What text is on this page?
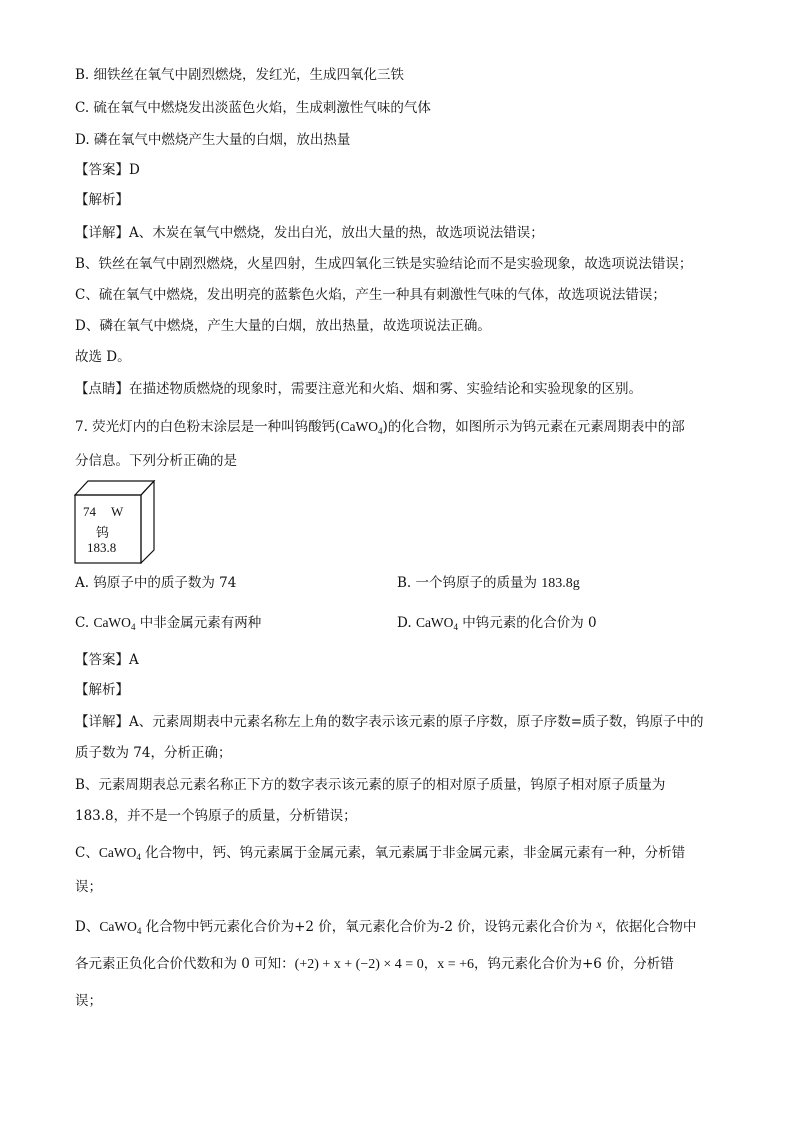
B. 细铁丝在氧气中剧烈燃烧，发红光，生成四氧化三铁
C. 硫在氧气中燃烧发出淡蓝色火焰，生成刺激性气味的气体
D. 磷在氧气中燃烧产生大量的白烟，放出热量
【答案】D
【解析】
【详解】A、木炭在氧气中燃烧，发出白光，放出大量的热，故选项说法错误；
B、铁丝在氧气中剧烈燃烧，火星四射，生成四氧化三铁是实验结论而不是实验现象，故选项说法错误；
C、硫在氧气中燃烧，发出明亮的蓝紫色火焰，产生一种具有刺激性气味的气体，故选项说法错误；
D、磷在氧气中燃烧，产生大量的白烟，放出热量，故选项说法正确。
故选 D。
【点睛】在描述物质燃烧的现象时，需要注意光和火焰、烟和雾、实验结论和实验现象的区别。
7. 荧光灯内的白色粉末涂层是一种叫钨酸钙(CaWO$_4$)的化合物，如图所示为钨元素在元素周期表中的部
分信息。下列分析正确的是
74 W
钨
183.8
A. 钨原子中的质子数为 74	B. 一个钨原子的质量为 183.8g
C. CaWO$_4$ 中非金属元素有两种	D. CaWO$_4$ 中钨元素的化合价为 0
【答案】A
【解析】
【详解】A、元素周期表中元素名称左上角的数字表示该元素的原子序数，原子序数=质子数，钨原子中的
质子数为 74，分析正确；
B、元素周期表总元素名称正下方的数字表示该元素的原子的相对原子质量，钨原子相对原子质量为
183.8，并不是一个钨原子的质量，分析错误；
C、CaWO$_4$ 化合物中，钙、钨元素属于金属元素，氧元素属于非金属元素，非金属元素有一种，分析错
误；
D、CaWO$_4$ 化合物中钙元素化合价为+2 价，氧元素化合价为-2 价，设钨元素化合价为 x，依据化合物中
各元素正负化合价代数和为 0 可知：(+2) + x + (−2) × 4 = 0，x = +6，钨元素化合价为+6 价，分析错
误；
